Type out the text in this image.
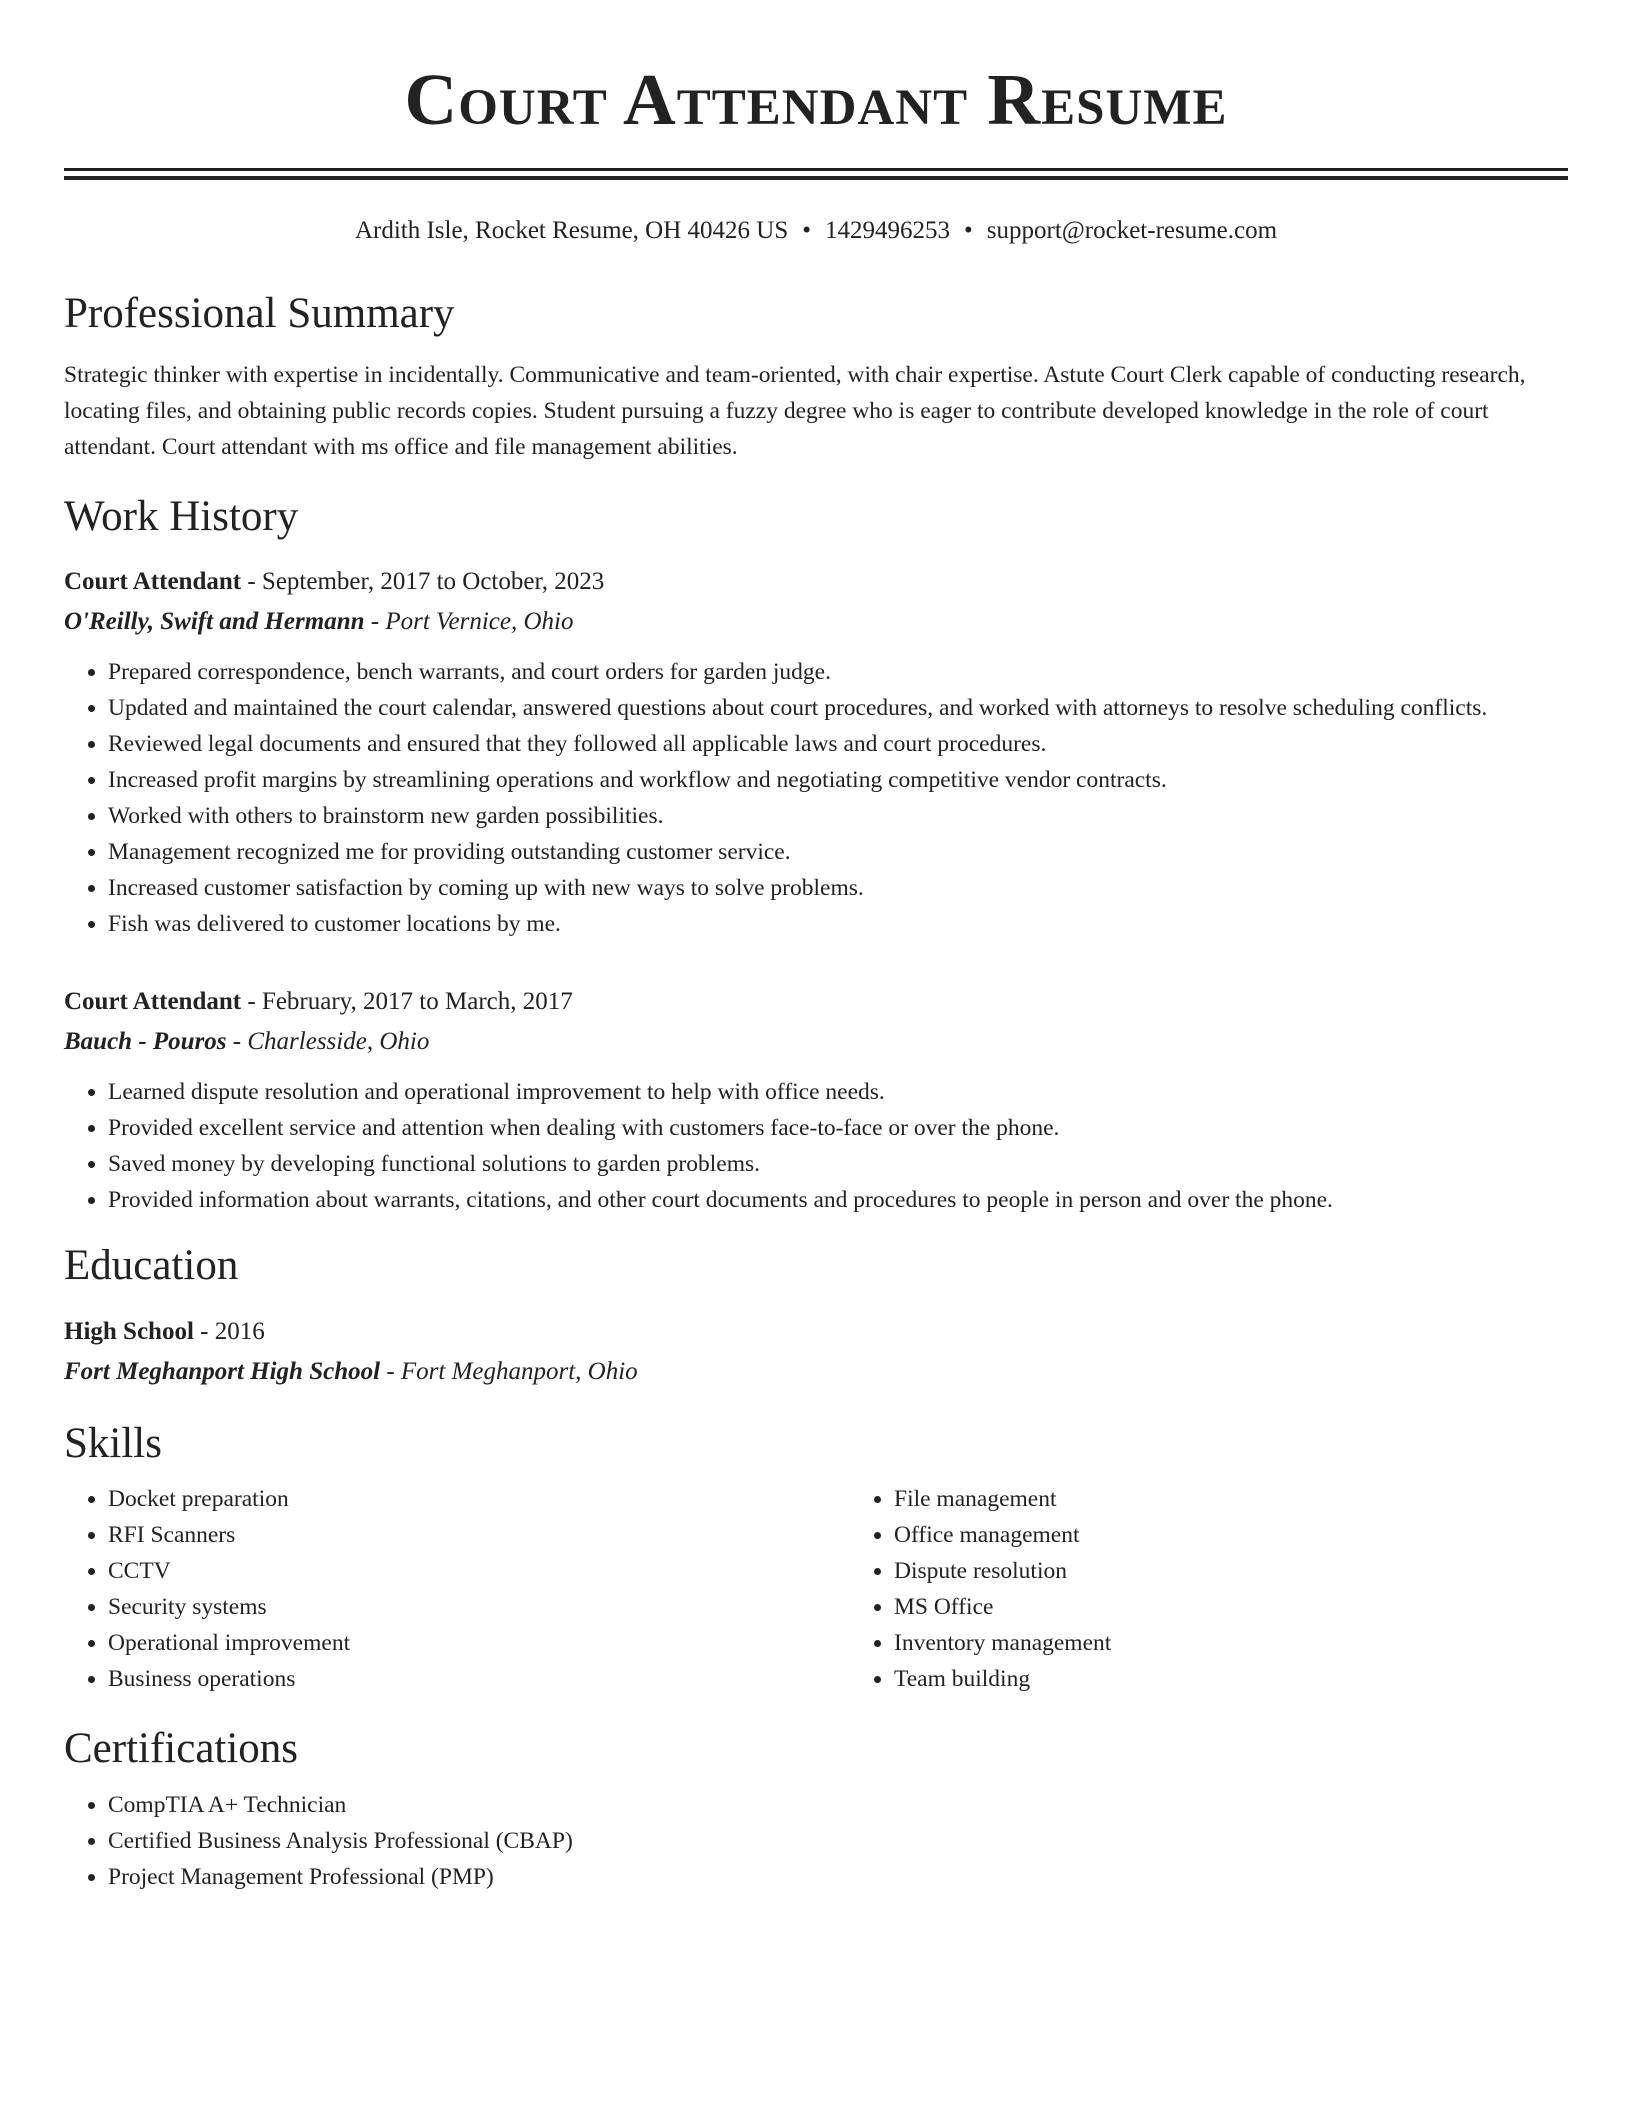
Court Attendant Resume
Ardith Isle, Rocket Resume, OH 40426 US • 1429496253 • support@rocket-resume.com
Professional Summary

Strategic thinker with expertise in incidentally. Communicative and team-oriented, with chair expertise. Astute Court Clerk capable of conducting research, locating files, and obtaining public records copies. Student pursuing a fuzzy degree who is eager to contribute developed knowledge in the role of court attendant. Court attendant with ms office and file management abilities.

Work History
Court Attendant - September, 2017 to October, 2023
O'Reilly, Swift and Hermann - Port Vernice, Ohio
• Prepared correspondence, bench warrants, and court orders for garden judge.
• Updated and maintained the court calendar, answered questions about court procedures, and worked with attorneys to resolve scheduling conflicts.
• Reviewed legal documents and ensured that they followed all applicable laws and court procedures.
• Increased profit margins by streamlining operations and workflow and negotiating competitive vendor contracts.
• Worked with others to brainstorm new garden possibilities.
• Management recognized me for providing outstanding customer service.
• Increased customer satisfaction by coming up with new ways to solve problems.
• Fish was delivered to customer locations by me.
Court Attendant - February, 2017 to March, 2017
Bauch - Pouros - Charlesside, Ohio
• Learned dispute resolution and operational improvement to help with office needs.
• Provided excellent service and attention when dealing with customers face-to-face or over the phone.
• Saved money by developing functional solutions to garden problems.
• Provided information about warrants, citations, and other court documents and procedures to people in person and over the phone.
Education
High School - 2016
Fort Meghanport High School - Fort Meghanport, Ohio
Skills
• Docket preparation
• RFI Scanners
• CCTV
• Security systems
• Operational improvement
• Business operations
• File management
• Office management
• Dispute resolution
• MS Office
• Inventory management
• Team building
Certifications
• CompTIA A+ Technician
• Certified Business Analysis Professional (CBAP)
• Project Management Professional (PMP)
